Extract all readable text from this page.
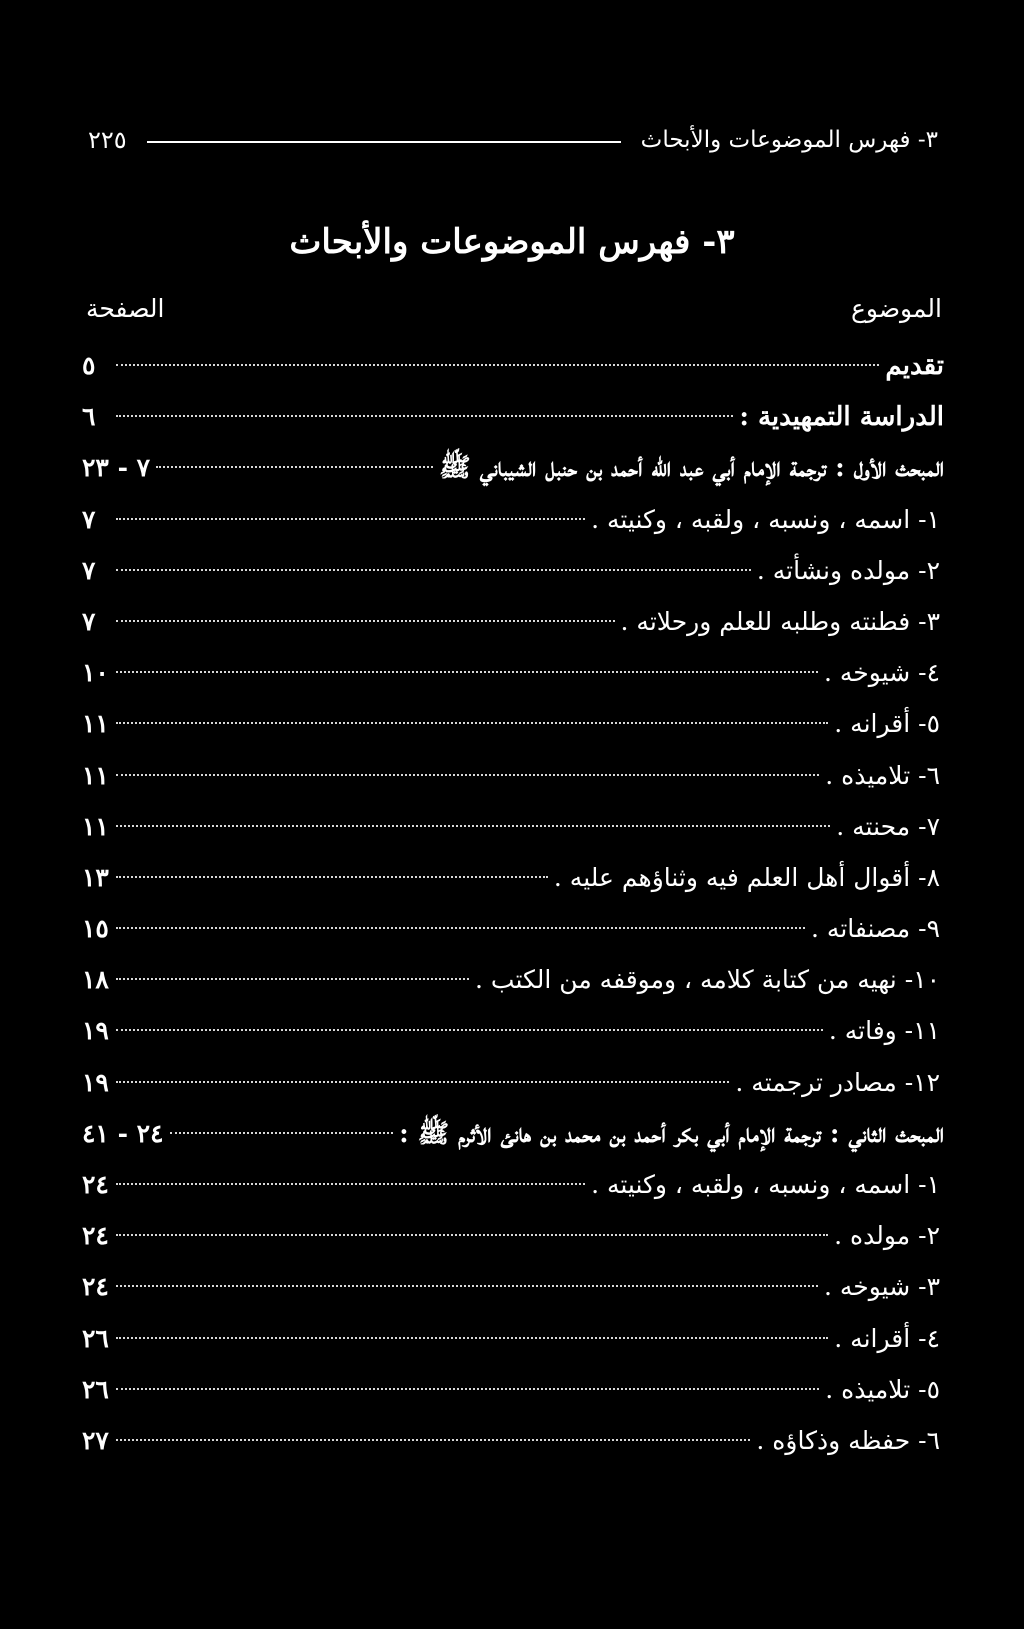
٣- فهرس الموضوعات والأبحاث
٢٢٥
٣- فهرس الموضوعات والأبحاث
الموضوع
الصفحة
تقديم
٥
الدراسة التمهيدية :
٦
المبحث الأول : ترجمة الإمام أبي عبد الله أحمد بن حنبل الشيباني ﷺ
٧ - ٢٣
١- اسمه ، ونسبه ، ولقبه ، وكنيته .
٧
٢- مولده ونشأته .
٧
٣- فطنته وطلبه للعلم ورحلاته .
٧
٤- شيوخه .
١٠
٥- أقرانه .
١١
٦- تلاميذه .
١١
٧- محنته .
١١
٨- أقوال أهل العلم فيه وثناؤهم عليه .
١٣
٩- مصنفاته .
١٥
١٠- نهيه من كتابة كلامه ، وموقفه من الكتب .
١٨
١١- وفاته .
١٩
١٢- مصادر ترجمته .
١٩
المبحث الثاني : ترجمة الإمام أبي بكر أحمد بن محمد بن هانئ الأثرم ﷺ :
٢٤ - ٤١
١- اسمه ، ونسبه ، ولقبه ، وكنيته .
٢٤
٢- مولده .
٢٤
٣- شيوخه .
٢٤
٤- أقرانه .
٢٦
٥- تلاميذه .
٢٦
٦- حفظه وذكاؤه .
٢٧
